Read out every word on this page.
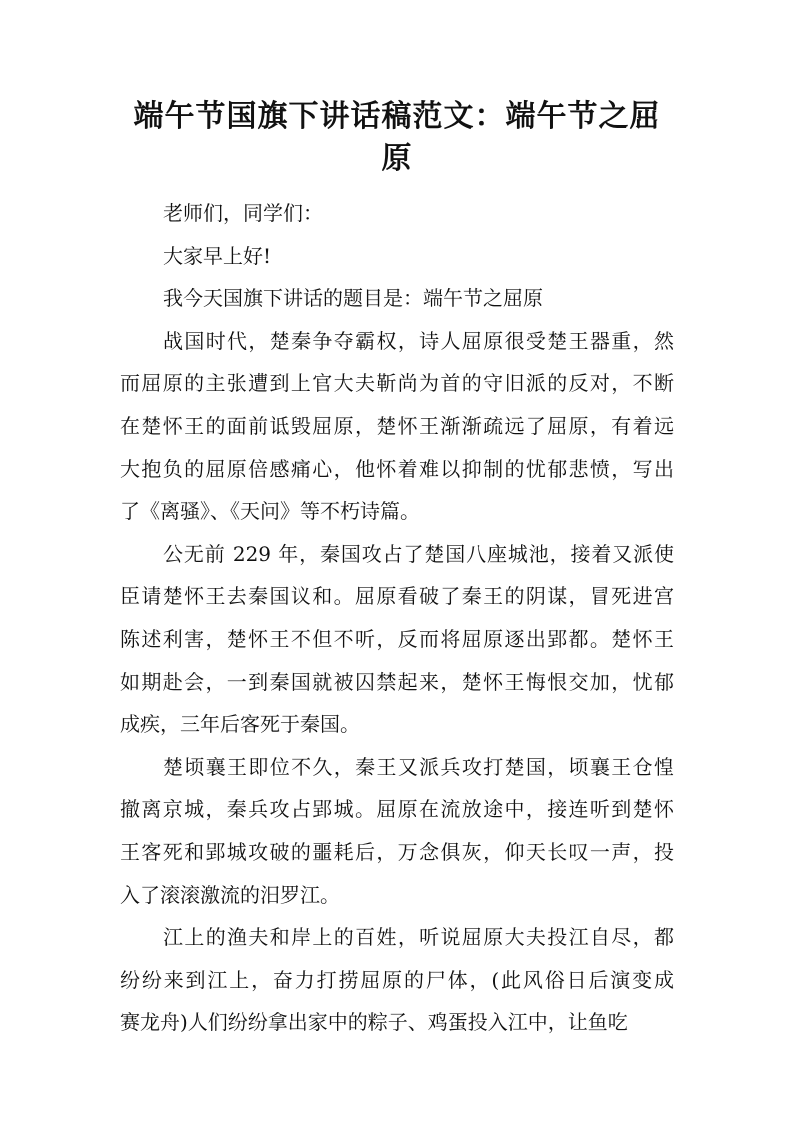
端午节国旗下讲话稿范文：端午节之屈
原
老师们，同学们：
大家早上好!
我今天国旗下讲话的题目是：端午节之屈原
战国时代，楚秦争夺霸权，诗人屈原很受楚王器重，然
而屈原的主张遭到上官大夫靳尚为首的守旧派的反对，不断
在楚怀王的面前诋毁屈原，楚怀王渐渐疏远了屈原，有着远
大抱负的屈原倍感痛心，他怀着难以抑制的忧郁悲愤，写出
了《离骚》、《天问》等不朽诗篇。
公无前 229 年，秦国攻占了楚国八座城池，接着又派使
臣请楚怀王去秦国议和。屈原看破了秦王的阴谋，冒死进宫
陈述利害，楚怀王不但不听，反而将屈原逐出郢都。楚怀王
如期赴会，一到秦国就被囚禁起来，楚怀王悔恨交加，忧郁
成疾，三年后客死于秦国。
楚顷襄王即位不久，秦王又派兵攻打楚国，顷襄王仓惶
撤离京城，秦兵攻占郢城。屈原在流放途中，接连听到楚怀
王客死和郢城攻破的噩耗后，万念俱灰，仰天长叹一声，投
入了滚滚激流的汨罗江。
江上的渔夫和岸上的百姓，听说屈原大夫投江自尽，都
纷纷来到江上，奋力打捞屈原的尸体，(此风俗日后演变成
赛龙舟)人们纷纷拿出家中的粽子、鸡蛋投入江中，让鱼吃
